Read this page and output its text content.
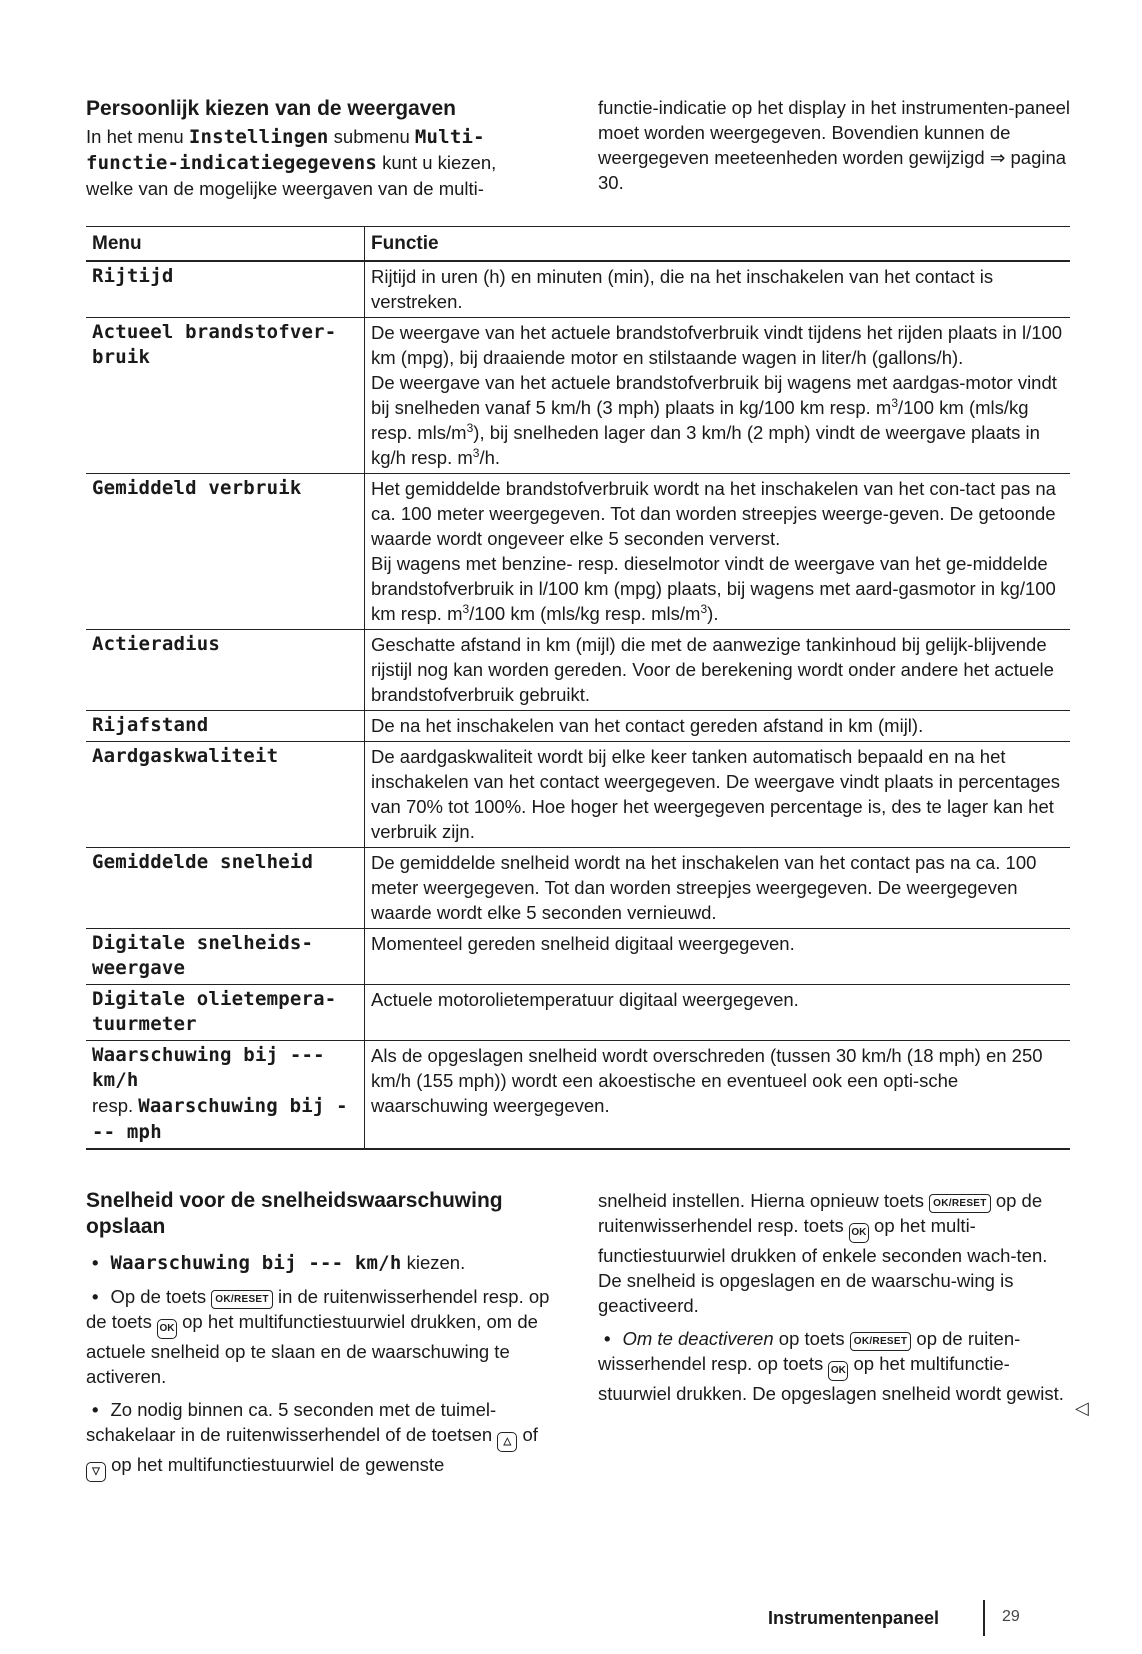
Persoonlijk kiezen van de weergaven

In het menu Instellingen submenu Multi-functie-indicatiegegevens kunt u kiezen, welke van de mogelijke weergaven van de multi-

functie-indicatie op het display in het instrumenten-paneel moet worden weergegeven. Bovendien kunnen de weergegeven meeteenheden worden gewijzigd ⇒ pagina 30.

Menu	Functie
Rijtijd	Rijtijd in uren (h) en minuten (min), die na het inschakelen van het contact is verstreken.
Actueel brandstofver-bruik	De weergave van het actuele brandstofverbruik vindt tijdens het rijden plaats in l/100 km (mpg), bij draaiende motor en stilstaande wagen in liter/h (gallons/h).

De weergave van het actuele brandstofverbruik bij wagens met aardgas-motor vindt bij snelheden vanaf 5 km/h (3 mph) plaats in kg/100 km resp. $m^3/100$ km (mls/kg resp. mls/$m^3$), bij snelheden lager dan 3 km/h (2 mph) vindt de weergave plaats in kg/h resp. $m^3/h$.

Gemiddeld verbruik	Het gemiddelde brandstofverbruik wordt na het inschakelen van het con-tact pas na ca. 100 meter weergegeven. Tot dan worden streepjes weerge-geven. De getoonde waarde wordt ongeveer elke 5 seconden ververst.

Bij wagens met benzine- resp. dieselmotor vindt de weergave van het ge-middelde brandstofverbruik in l/100 km (mpg) plaats, bij wagens met aard-gasmotor in kg/100 km resp. $m^3/100$ km (mls/kg resp. mls/$m^3$).

Actieradius	Geschatte afstand in km (mijl) die met de aanwezige tankinhoud bij gelijk-blijvende rijstijl nog kan worden gereden. Voor de berekening wordt onder andere het actuele brandstofverbruik gebruikt.
Rijafstand	De na het inschakelen van het contact gereden afstand in km (mijl).
Aardgaskwaliteit	De aardgaskwaliteit wordt bij elke keer tanken automatisch bepaald en na het inschakelen van het contact weergegeven. De weergave vindt plaats in percentages van 70% tot 100%. Hoe hoger het weergegeven percentage is, des te lager kan het verbruik zijn.
Gemiddelde snelheid	De gemiddelde snelheid wordt na het inschakelen van het contact pas na ca. 100 meter weergegeven. Tot dan worden streepjes weergegeven. De weergegeven waarde wordt elke 5 seconden vernieuwd.
Digitale snelheids-weergave	Momenteel gereden snelheid digitaal weergegeven.
Digitale olietempera-tuurmeter	Actuele motorolietemperatuur digitaal weergegeven.

Waarschuwing bij --- km/h
resp. Waarschuwing bij --- mph	Als de opgeslagen snelheid wordt overschreden (tussen 30 km/h (18 mph) en 250 km/h (155 mph)) wordt een akoestische en eventueel ook een opti-sche waarschuwing weergegeven.
Snelheid voor de snelheidswaarschuwing opslaan

• Waarschuwing bij --- km/h kiezen.

• Op de toets OK/RESET in de ruitenwisserhendel resp. op de toets OK op het multifunctiestuurwiel drukken, om de actuele snelheid op te slaan en de waarschuwing te activeren.

• Zo nodig binnen ca. 5 seconden met de tuimel-schakelaar in de ruitenwisserhendel of de toetsen △ of ▽ op het multifunctiestuurwiel de gewenste

snelheid instellen. Hierna opnieuw toets OK/RESET op de ruitenwisserhendel resp. toets OK op het multi-functiestuurwiel drukken of enkele seconden wach-ten. De snelheid is opgeslagen en de waarschu-wing is geactiveerd.

• Om te deactiveren op toets OK/RESET op de ruiten-wisserhendel resp. op toets OK op het multifunctie-stuurwiel drukken. De opgeslagen snelheid wordt gewist.

◁
Instrumentenpaneel	29
